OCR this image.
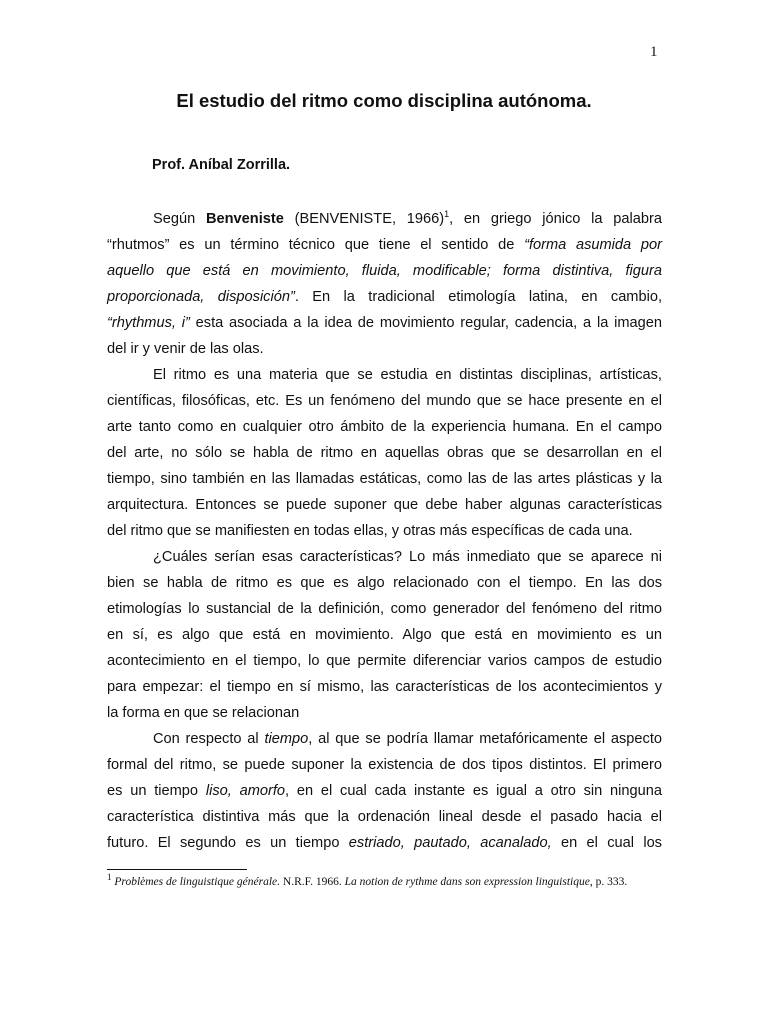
1
El estudio del ritmo como disciplina autónoma.
Prof. Aníbal Zorrilla.
Según Benveniste (BENVENISTE, 1966)$^1$, en griego jónico la palabra
“rhutmos” es un término técnico que tiene el sentido de “forma asumida por
aquello que está en movimiento, fluida, modificable; forma distintiva, figura
proporcionada, disposición”. En la tradicional etimología latina, en cambio,
“rhythmus, i” esta asociada a la idea de movimiento regular, cadencia, a la imagen
del ir y venir de las olas.
El ritmo es una materia que se estudia en distintas disciplinas, artísticas,
científicas, filosóficas, etc. Es un fenómeno del mundo que se hace presente en el
arte tanto como en cualquier otro ámbito de la experiencia humana. En el campo
del arte, no sólo se habla de ritmo en aquellas obras que se desarrollan en el
tiempo, sino también en las llamadas estáticas, como las de las artes plásticas y la
arquitectura. Entonces se puede suponer que debe haber algunas características
del ritmo que se manifiesten en todas ellas, y otras más específicas de cada una.
¿Cuáles serían esas características? Lo más inmediato que se aparece ni
bien se habla de ritmo es que es algo relacionado con el tiempo. En las dos
etimologías lo sustancial de la definición, como generador del fenómeno del ritmo
en sí, es algo que está en movimiento. Algo que está en movimiento es un
acontecimiento en el tiempo, lo que permite diferenciar varios campos de estudio
para empezar: el tiempo en sí mismo, las características de los acontecimientos y
la forma en que se relacionan
Con respecto al tiempo, al que se podría llamar metafóricamente el aspecto
formal del ritmo, se puede suponer la existencia de dos tipos distintos. El primero
es un tiempo liso, amorfo, en el cual cada instante es igual a otro sin ninguna
característica distintiva más que la ordenación lineal desde el pasado hacia el
futuro. El segundo es un tiempo estriado, pautado, acanalado, en el cual los
$^1$ Problèmes de linguistique générale. N.R.F. 1966. La notion de rythme dans son expression linguistique, p. 333.
